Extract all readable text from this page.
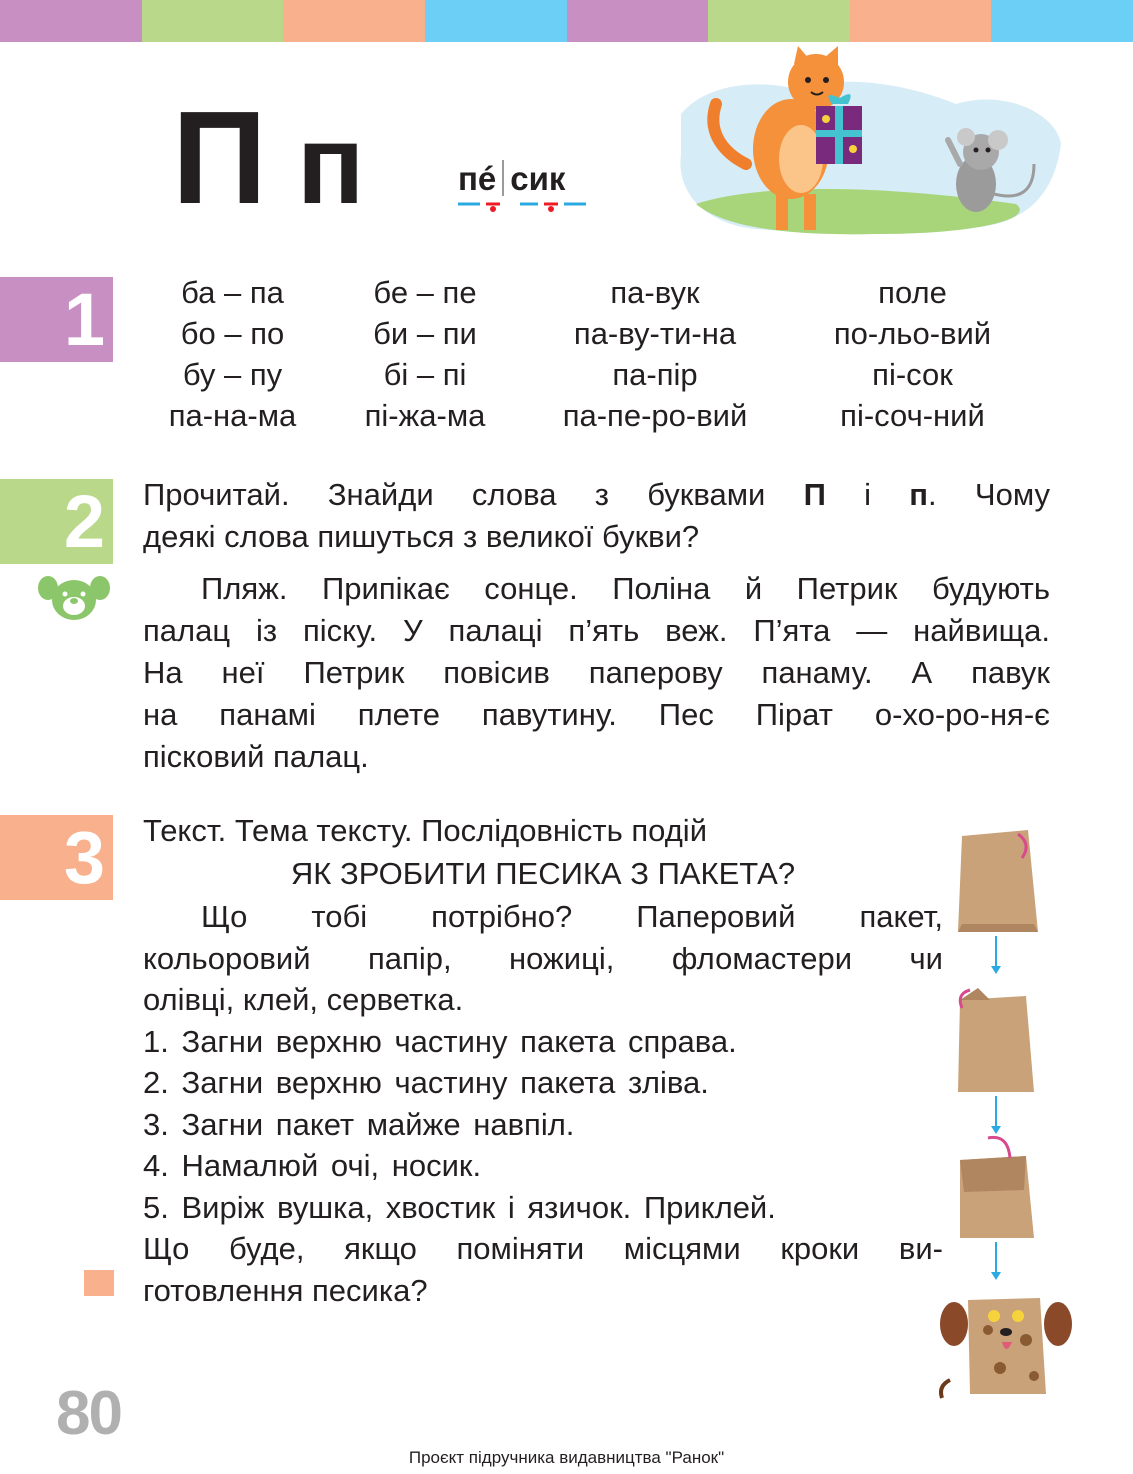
П п	пé сик
1	ба – па	бе – пе	па-вук	поле
бо – по	би – пи	па-ву-ти-на	по-льо-вий
бу – пу	бі – пі	па-пір	пі-сок
па-на-ма	пі-жа-ма	па-пе-ро-вий	пі-соч-ний
2 Прочитай. Знайди слова з буквами П і п. Чому
деякі слова пишуться з великої букви?
Пляж. Припікає сонце. Поліна й Петрик будують
палац із піску. У палаці п’ять веж. П’ята — найвища.
На неї Петрик повісив паперову панаму. А павук
на панамі плете павутину. Пес Пірат о-хо-ро-ня-є
пісковий палац.
3 Текст. Тема тексту. Послідовність подій
ЯК ЗРОБИТИ ПЕСИКА З ПАКЕТА?
Що тобі потрібно? Паперовий пакет,
кольоровий папір, ножиці, фломастери чи
олівці, клей, серветка.
1. Загни верхню частину пакета справа.
2. Загни верхню частину пакета зліва.
3. Загни пакет майже навпіл.
4. Намалюй очі, носик.
5. Виріж вушка, хвостик і язичок. Приклей.
Що буде, якщо поміняти місцями кроки ви-
готовлення песика?
80
Проєкт підручника видавництва "Ранок"
